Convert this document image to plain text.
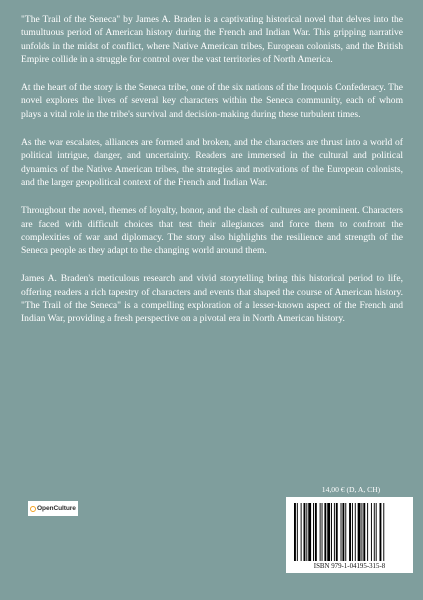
"The Trail of the Seneca" by James A. Braden is a captivating historical novel that delves into the tumultuous period of American history during the French and Indian War. This gripping narrative unfolds in the midst of conflict, where Native American tribes, European colonists, and the British Empire collide in a struggle for control over the vast territories of North America.

At the heart of the story is the Seneca tribe, one of the six nations of the Iroquois Confederacy. The novel explores the lives of several key characters within the Seneca community, each of whom plays a vital role in the tribe's survival and decision-making during these turbulent times.

As the war escalates, alliances are formed and broken, and the characters are thrust into a world of political intrigue, danger, and uncertainty. Readers are immersed in the cultural and political dynamics of the Native American tribes, the strategies and motivations of the European colonists, and the larger geopolitical context of the French and Indian War.

Throughout the novel, themes of loyalty, honor, and the clash of cultures are prominent. Characters are faced with difficult choices that test their allegiances and force them to confront the complexities of war and diplomacy. The story also highlights the resilience and strength of the Seneca people as they adapt to the changing world around them.

James A. Braden's meticulous research and vivid storytelling bring this historical period to life, offering readers a rich tapestry of characters and events that shaped the course of American history. "The Trail of the Seneca" is a compelling exploration of a lesser-known aspect of the French and Indian War, providing a fresh perspective on a pivotal era in North American history.

OpenCulture
14,00 € (D, A, CH)
ISBN 979-1-04195-315-8
